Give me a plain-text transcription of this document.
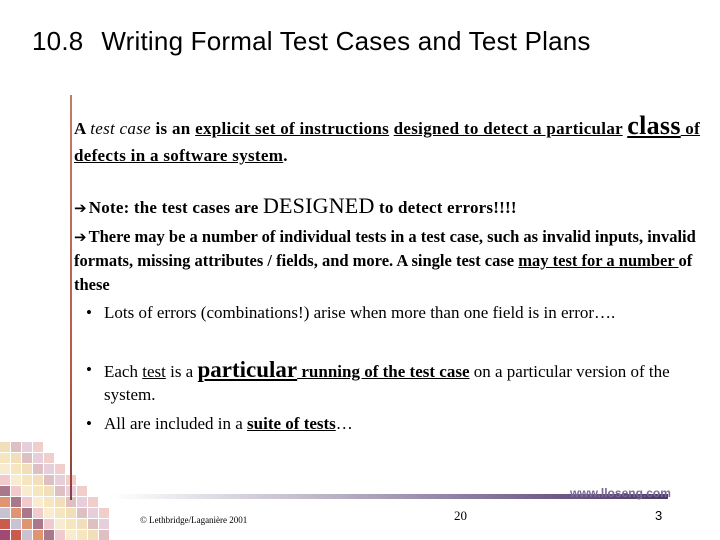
10.8 Writing Formal Test Cases and Test Plans
A test case is an explicit set of instructions designed to detect a particular class of defects in a software system.
➔ Note: the test cases are DESIGNED to detect errors!!!!
➔ There may be a number of individual tests in a test case, such as invalid inputs, invalid formats, missing attributes / fields, and more. A single test case may test for a number of these
• Lots of errors (combinations!) arise when more than one field is in error….
• Each test is a particular running of the test case on a particular version of the system.
• All are included in a suite of tests…
www.lloseng.com
© Lethbridge/Laganière 2001	20	3
